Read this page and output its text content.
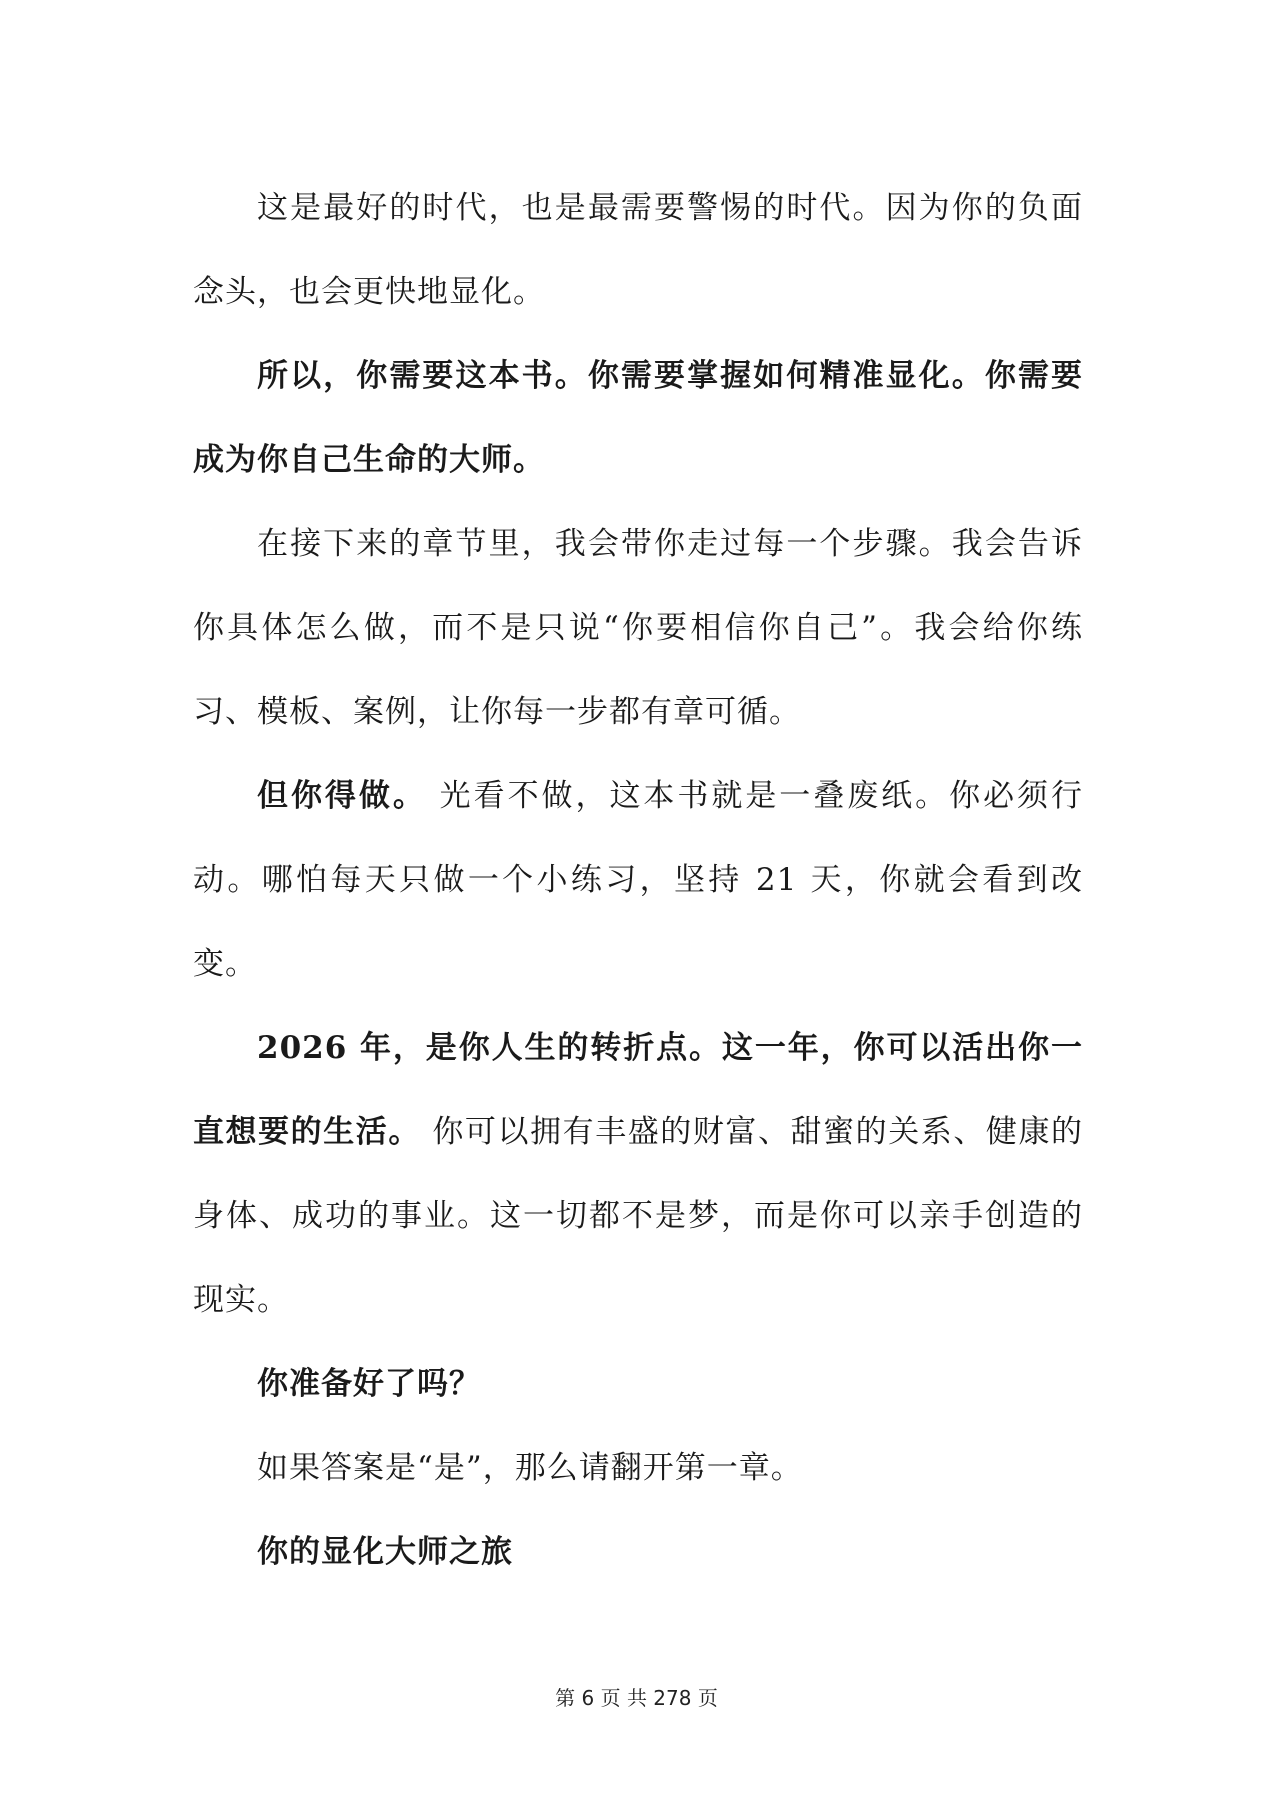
这是最好的时代，也是最需要警惕的时代。因为你的负面念头，也会更快地显化。

所以，你需要这本书。你需要掌握如何精准显化。你需要成为你自己生命的大师。

在接下来的章节里，我会带你走过每一个步骤。我会告诉你具体怎么做，而不是只说“你要相信你自己”。我会给你练习、模板、案例，让你每一步都有章可循。

但你得做。 光看不做，这本书就是一叠废纸。你必须行动。哪怕每天只做一个小练习，坚持 21 天，你就会看到改变。

2026 年，是你人生的转折点。这一年，你可以活出你一直想要的生活。 你可以拥有丰盛的财富、甜蜜的关系、健康的身体、成功的事业。这一切都不是梦，而是你可以亲手创造的现实。

你准备好了吗？

如果答案是“是”，那么请翻开第一章。

你的显化大师之旅

第 6 页 共 278 页
